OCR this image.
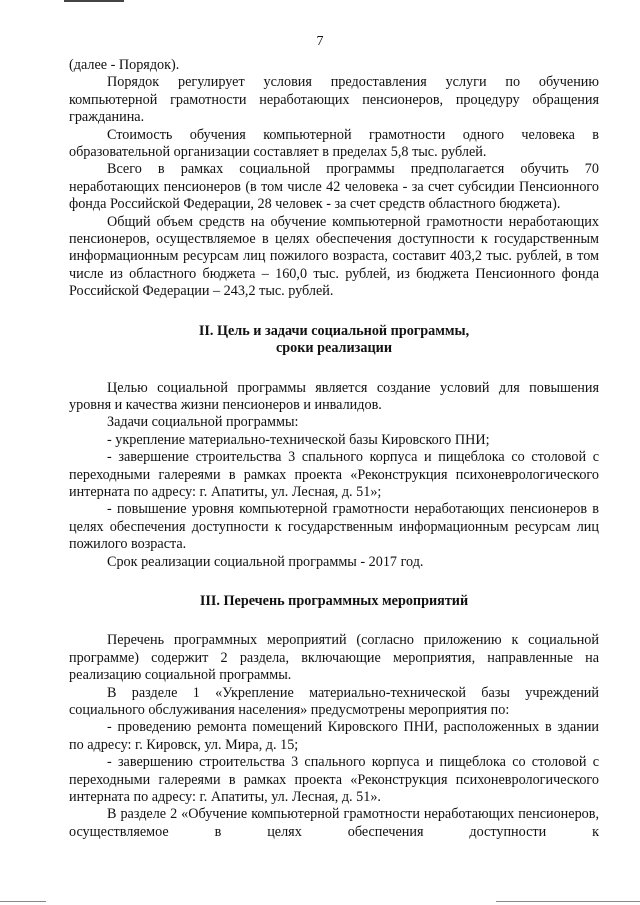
7

(далее - Порядок).

Порядок регулирует условия предоставления услуги по обучению компьютерной грамотности неработающих пенсионеров, процедуру обращения гражданина.

Стоимость обучения компьютерной грамотности одного человека в образовательной организации составляет в пределах 5,8 тыс. рублей.

Всего в рамках социальной программы предполагается обучить 70 неработающих пенсионеров (в том числе 42 человека - за счет субсидии Пенсионного фонда Российской Федерации, 28 человек - за счет средств областного бюджета).

Общий объем средств на обучение компьютерной грамотности неработающих пенсионеров, осуществляемое в целях обеспечения доступности к государственным информационным ресурсам лиц пожилого возраста, составит 403,2 тыс. рублей, в том числе из областного бюджета – 160,0 тыс. рублей, из бюджета Пенсионного фонда Российской Федерации – 243,2 тыс. рублей.

II. Цель и задачи социальной программы,

сроки реализации

Целью социальной программы является создание условий для повышения уровня и качества жизни пенсионеров и инвалидов.

Задачи социальной программы:

- укрепление материально-технической базы Кировского ПНИ;

- завершение строительства 3 спального корпуса и пищеблока со столовой с переходными галереями в рамках проекта «Реконструкция психоневрологического интерната по адресу: г. Апатиты, ул. Лесная, д. 51»;

- повышение уровня компьютерной грамотности неработающих пенсионеров в целях обеспечения доступности к государственным информационным ресурсам лиц пожилого возраста.

Срок реализации социальной программы - 2017 год.

III. Перечень программных мероприятий

Перечень программных мероприятий (согласно приложению к социальной программе) содержит 2 раздела, включающие мероприятия, направленные на реализацию социальной программы.

В разделе 1 «Укрепление материально-технической базы учреждений социального обслуживания населения» предусмотрены мероприятия по:

- проведению ремонта помещений Кировского ПНИ, расположенных в здании по адресу: г. Кировск, ул. Мира, д. 15;

- завершению строительства 3 спального корпуса и пищеблока со столовой с переходными галереями в рамках проекта «Реконструкция психоневрологического интерната по адресу: г. Апатиты, ул. Лесная, д. 51».

В разделе 2 «Обучение компьютерной грамотности неработающих пенсионеров, осуществляемое в целях обеспечения доступности к
